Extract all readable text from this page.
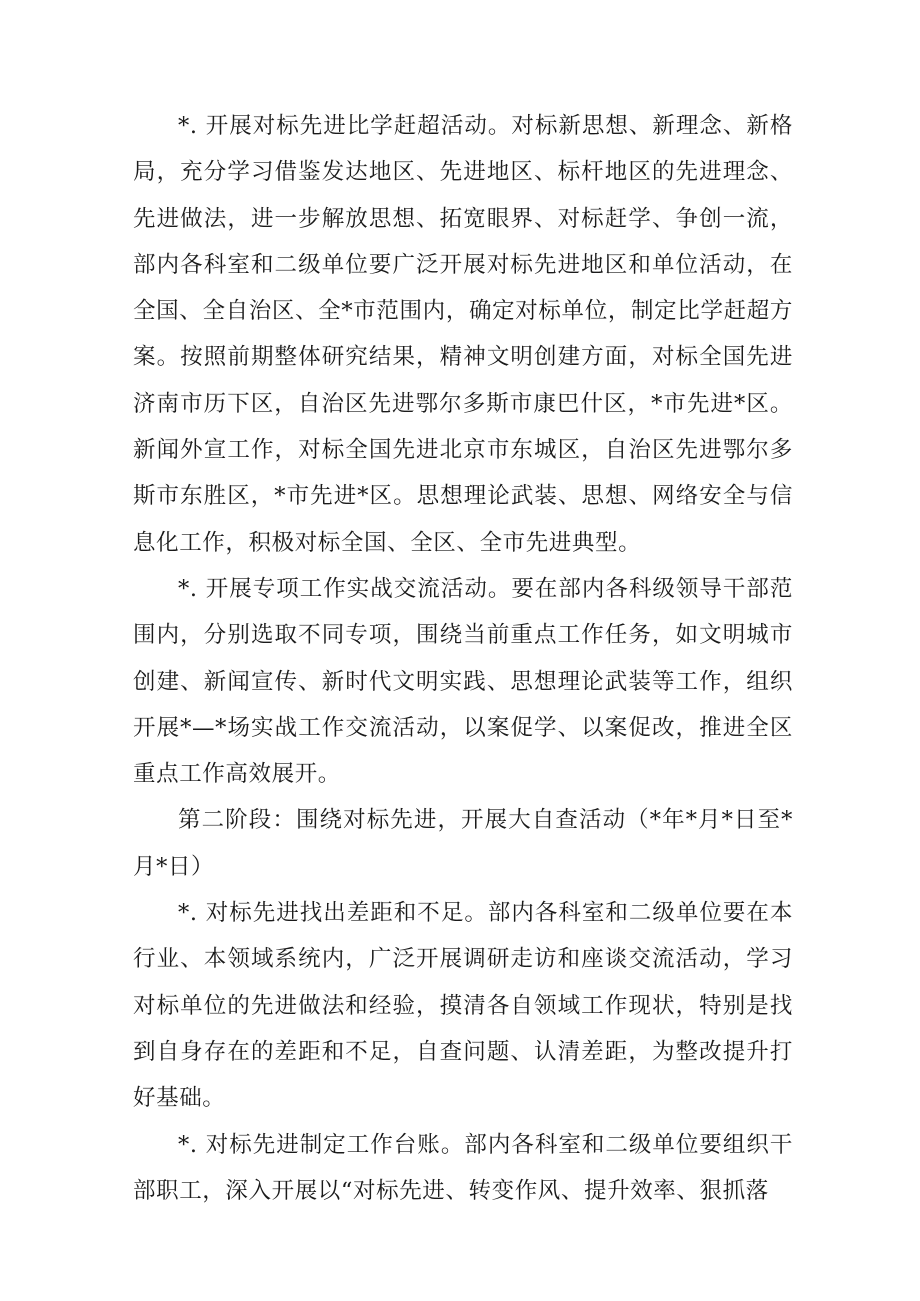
*. 开展对标先进比学赶超活动。对标新思想、新理念、新格局，充分学习借鉴发达地区、先进地区、标杆地区的先进理念、先进做法，进一步解放思想、拓宽眼界、对标赶学、争创一流，部内各科室和二级单位要广泛开展对标先进地区和单位活动，在全国、全自治区、全*市范围内，确定对标单位，制定比学赶超方案。按照前期整体研究结果，精神文明创建方面，对标全国先进济南市历下区，自治区先进鄂尔多斯市康巴什区，*市先进*区。新闻外宣工作，对标全国先进北京市东城区，自治区先进鄂尔多斯市东胜区，*市先进*区。思想理论武装、思想、网络安全与信息化工作，积极对标全国、全区、全市先进典型。

*. 开展专项工作实战交流活动。要在部内各科级领导干部范围内，分别选取不同专项，围绕当前重点工作任务，如文明城市创建、新闻宣传、新时代文明实践、思想理论武装等工作，组织开展*—*场实战工作交流活动，以案促学、以案促改，推进全区重点工作高效展开。

第二阶段：围绕对标先进，开展大自查活动（*年*月*日至*月*日）

*. 对标先进找出差距和不足。部内各科室和二级单位要在本行业、本领域系统内，广泛开展调研走访和座谈交流活动，学习对标单位的先进做法和经验，摸清各自领域工作现状，特别是找到自身存在的差距和不足，自查问题、认清差距，为整改提升打好基础。

*. 对标先进制定工作台账。部内各科室和二级单位要组织干部职工，深入开展以“对标先进、转变作风、提升效率、狠抓落
